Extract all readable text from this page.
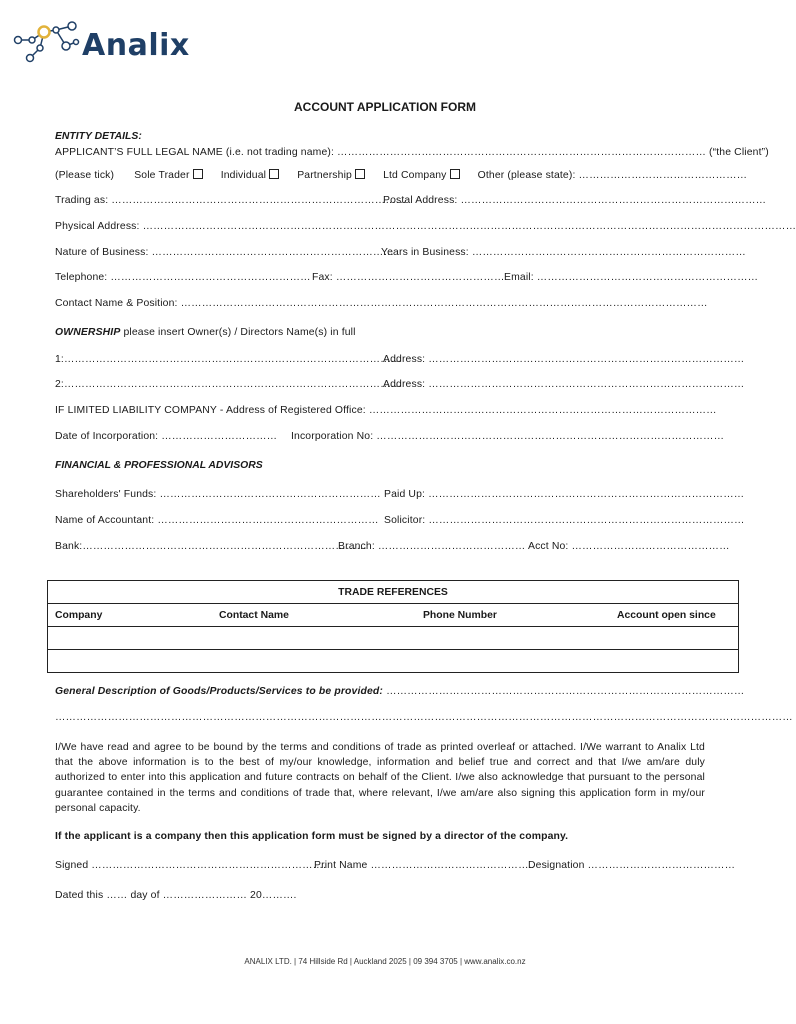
Analix
ACCOUNT APPLICATION FORM
ENTITY DETAILS:
APPLICANT’S FULL LEGAL NAME (i.e. not trading name): …………………………………………………………………………………………… (“the Client”)
(Please tick) Sole Trader	Individual	Partnership	Ltd Company	Other (please state): …………………………………………
Trading as: …………………………………………………………………………
Postal Address: ……………………………………………………………………………
Physical Address: ……………………………………………………………………………………………………………………………………………………………………
Nature of Business: ……………………………………………………………
Years in Business: ……………………………………………………………………
Telephone: ………………………………………………… Fax: ………………………………………… Email: ………………………………………………………
Contact Name & Position: ……………………………………………………………………………………………………………………………………
OWNERSHIP please insert Owner(s) / Directors Name(s) in full
1:……………………………………………………………………………………
Address: ………………………………………………………………………………
2:……………………………………………………………………………………
Address: ………………………………………………………………………………
IF LIMITED LIABILITY COMPANY - Address of Registered Office: ………………………………………………………………………………………
Date of Incorporation: ……………………………	Incorporation No: ………………………………………………………………………………………
FINANCIAL & PROFESSIONAL ADVISORS
Shareholders' Funds: ……………………………………………………… Paid Up: ………………………………………………………………………………
Name of Accountant: ……………………………………………………… Solicitor: ………………………………………………………………………………
Bank:………………………………………………………………………
Branch: …………………………………… Acct No: ………………………………………
TRADE REFERENCES
Company	Contact Name	Phone Number	Account open since

General Description of Goods/Products/Services to be provided: …………………………………………………………………………………………
…………………………………………………………………………………………………………………………………………………………………………………………
I/We have read and agree to be bound by the terms and conditions of trade as printed overleaf or attached. I/We warrant to Analix Ltd that the above information is to the best of my/our knowledge, information and belief true and correct and that I/we am/are duly authorized to enter into this application and future contracts on behalf of the Client. I/we also acknowledge that pursuant to the personal guarantee contained in the terms and conditions of trade that, where relevant, I/we am/are also signing this application form in my/our personal capacity.
If the applicant is a company then this application form must be signed by a director of the company.
Signed ………………………………………………………….
Print Name ……………………………………….
Designation ……………………………………
Dated this …… day of …………………… 20……….
ANALIX LTD. | 74 Hillside Rd | Auckland 2025 | 09 394 3705 | www.analix.co.nz
